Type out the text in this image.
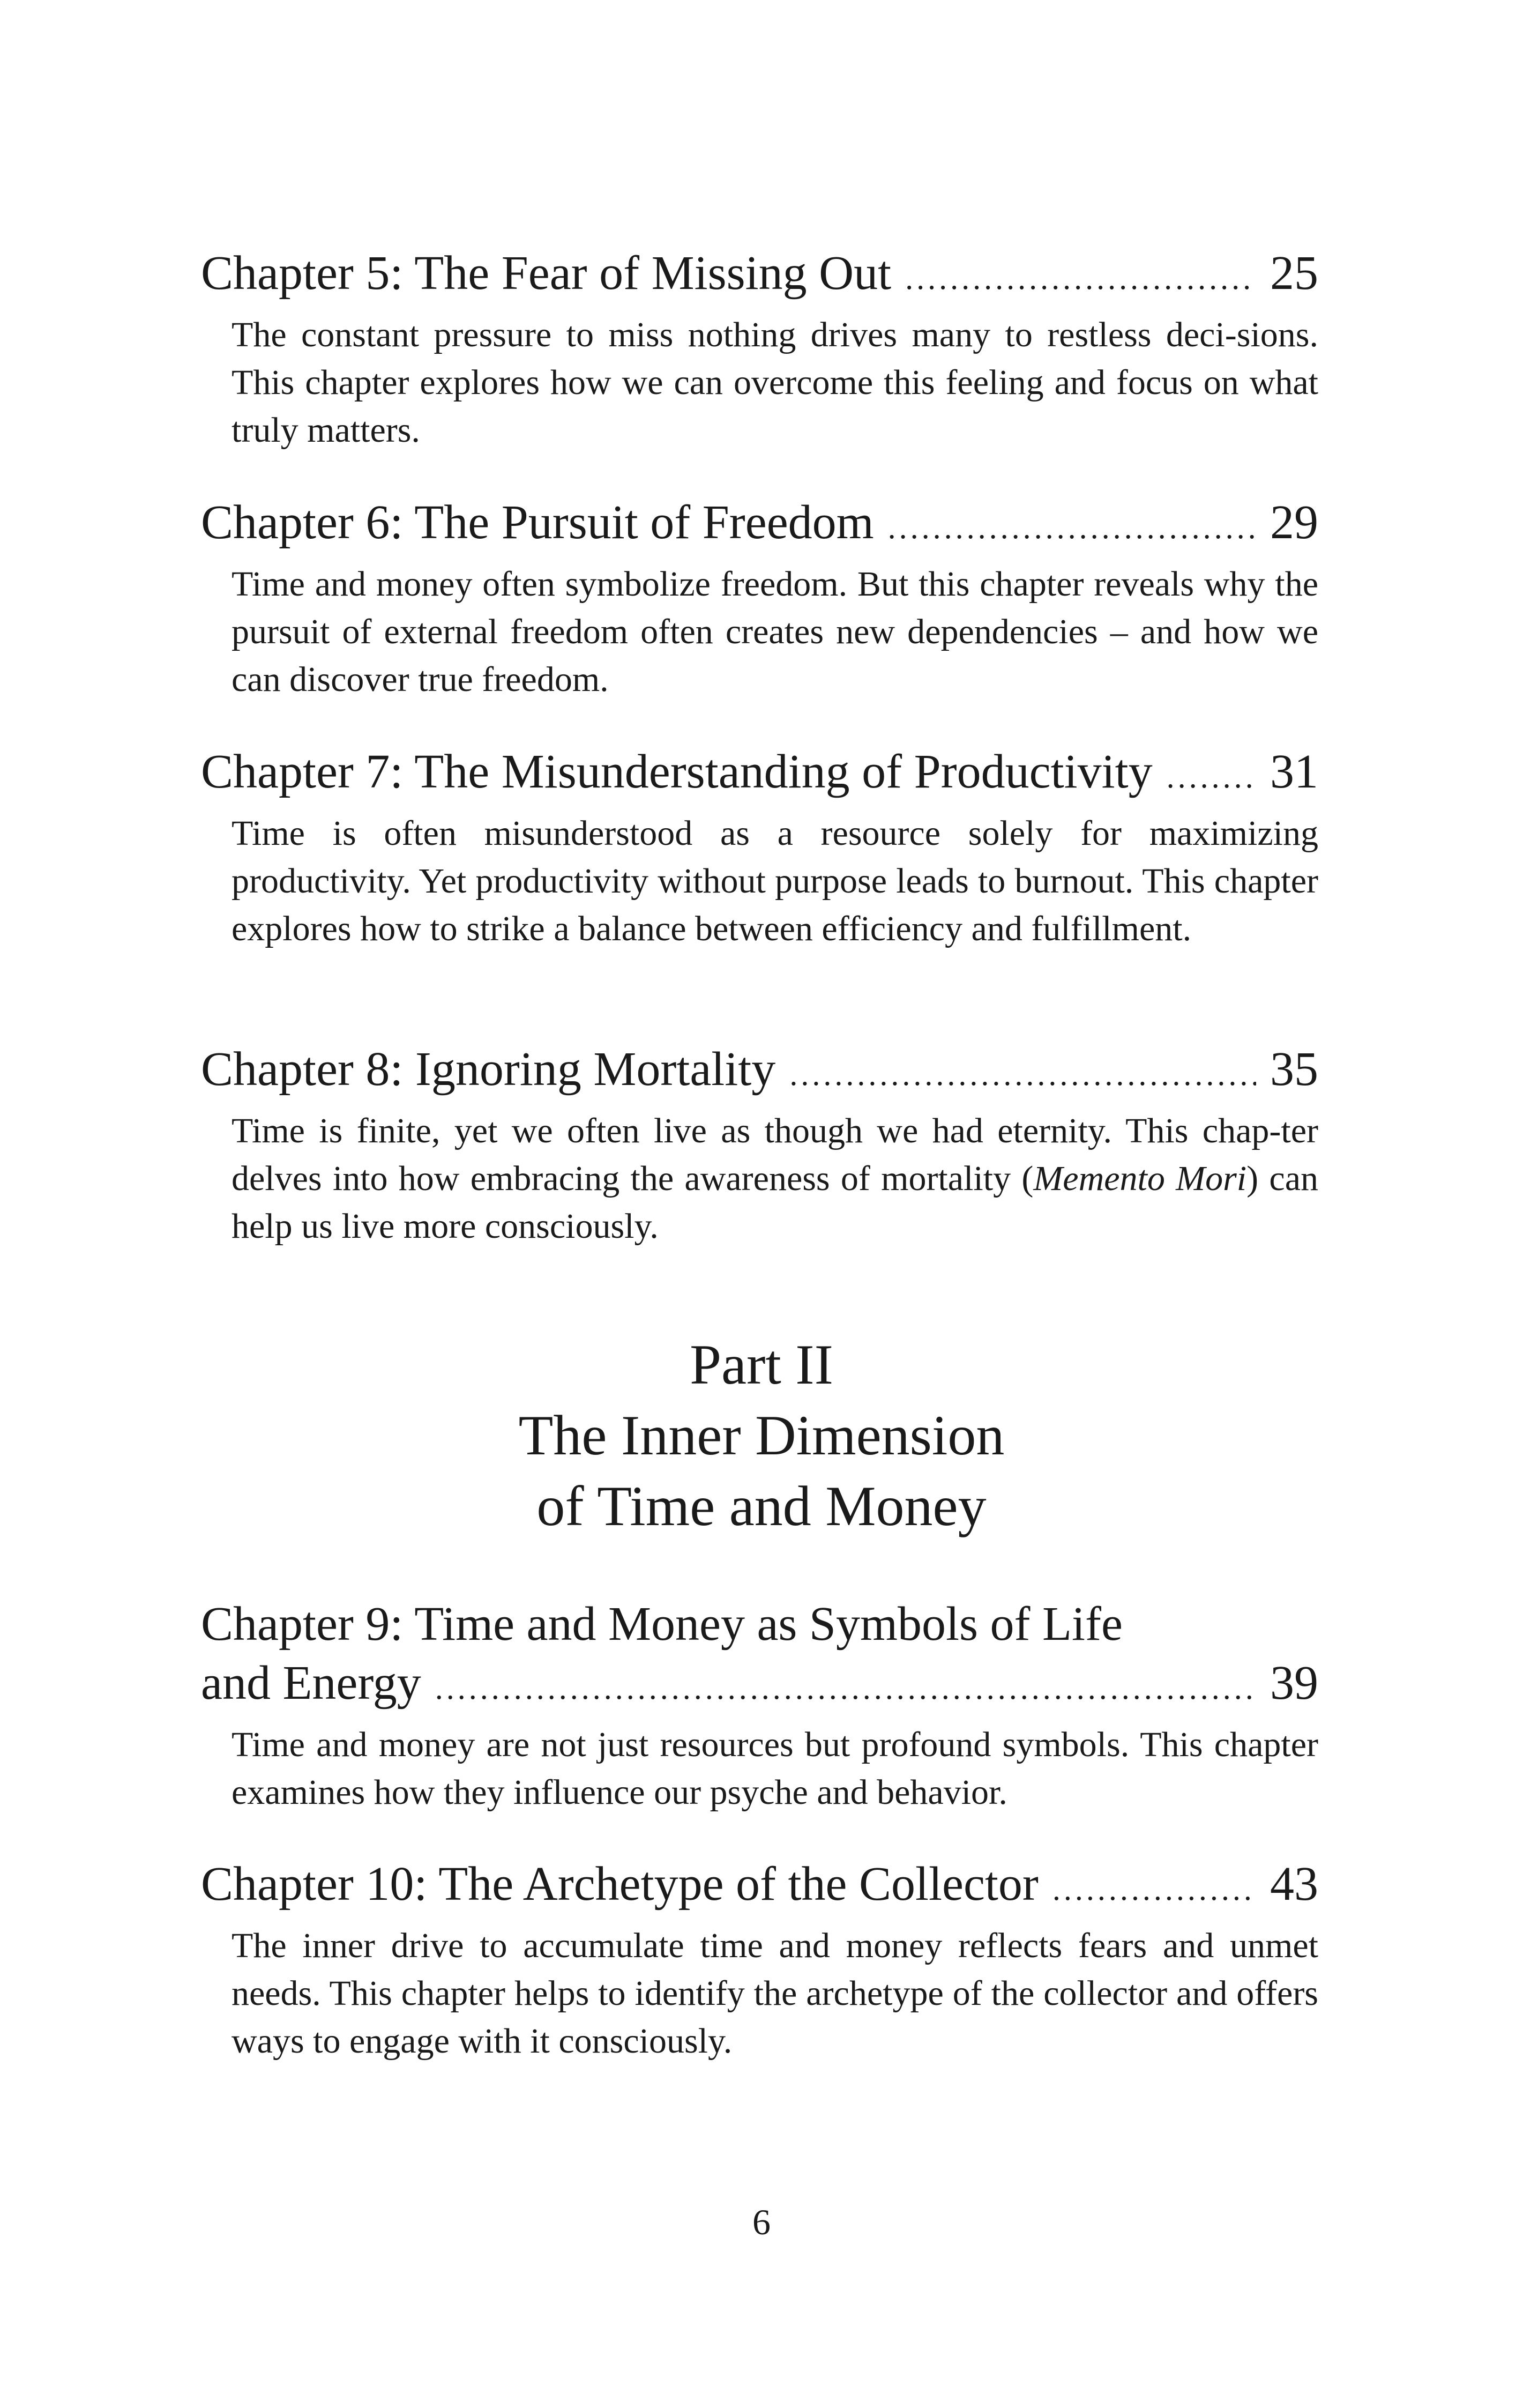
Chapter 5: The Fear of Missing Out .....	25
The constant pressure to miss nothing drives many to restless deci-sions. This chapter explores how we can overcome this feeling and focus on what truly matters.
Chapter 6: The Pursuit of Freedom .....	29
Time and money often symbolize freedom. But this chapter reveals why the pursuit of external freedom often creates new dependencies – and how we can discover true freedom.
Chapter 7: The Misunderstanding of Productivity ..... 31
Time is often misunderstood as a resource solely for maximizing productivity. Yet productivity without purpose leads to burnout. This chapter explores how to strike a balance between efficiency and fulfillment.
Chapter 8: Ignoring Mortality .....	35
Time is finite, yet we often live as though we had eternity. This chap-ter delves into how embracing the awareness of mortality (Memento Mori) can help us live more consciously.
Part II
The Inner Dimension
of Time and Money
Chapter 9: Time and Money as Symbols of Life
and Energy .....	39
Time and money are not just resources but profound symbols. This chapter examines how they influence our psyche and behavior.
Chapter 10: The Archetype of the Collector .....	43
The inner drive to accumulate time and money reflects fears and unmet needs. This chapter helps to identify the archetype of the collector and offers ways to engage with it consciously.
6
